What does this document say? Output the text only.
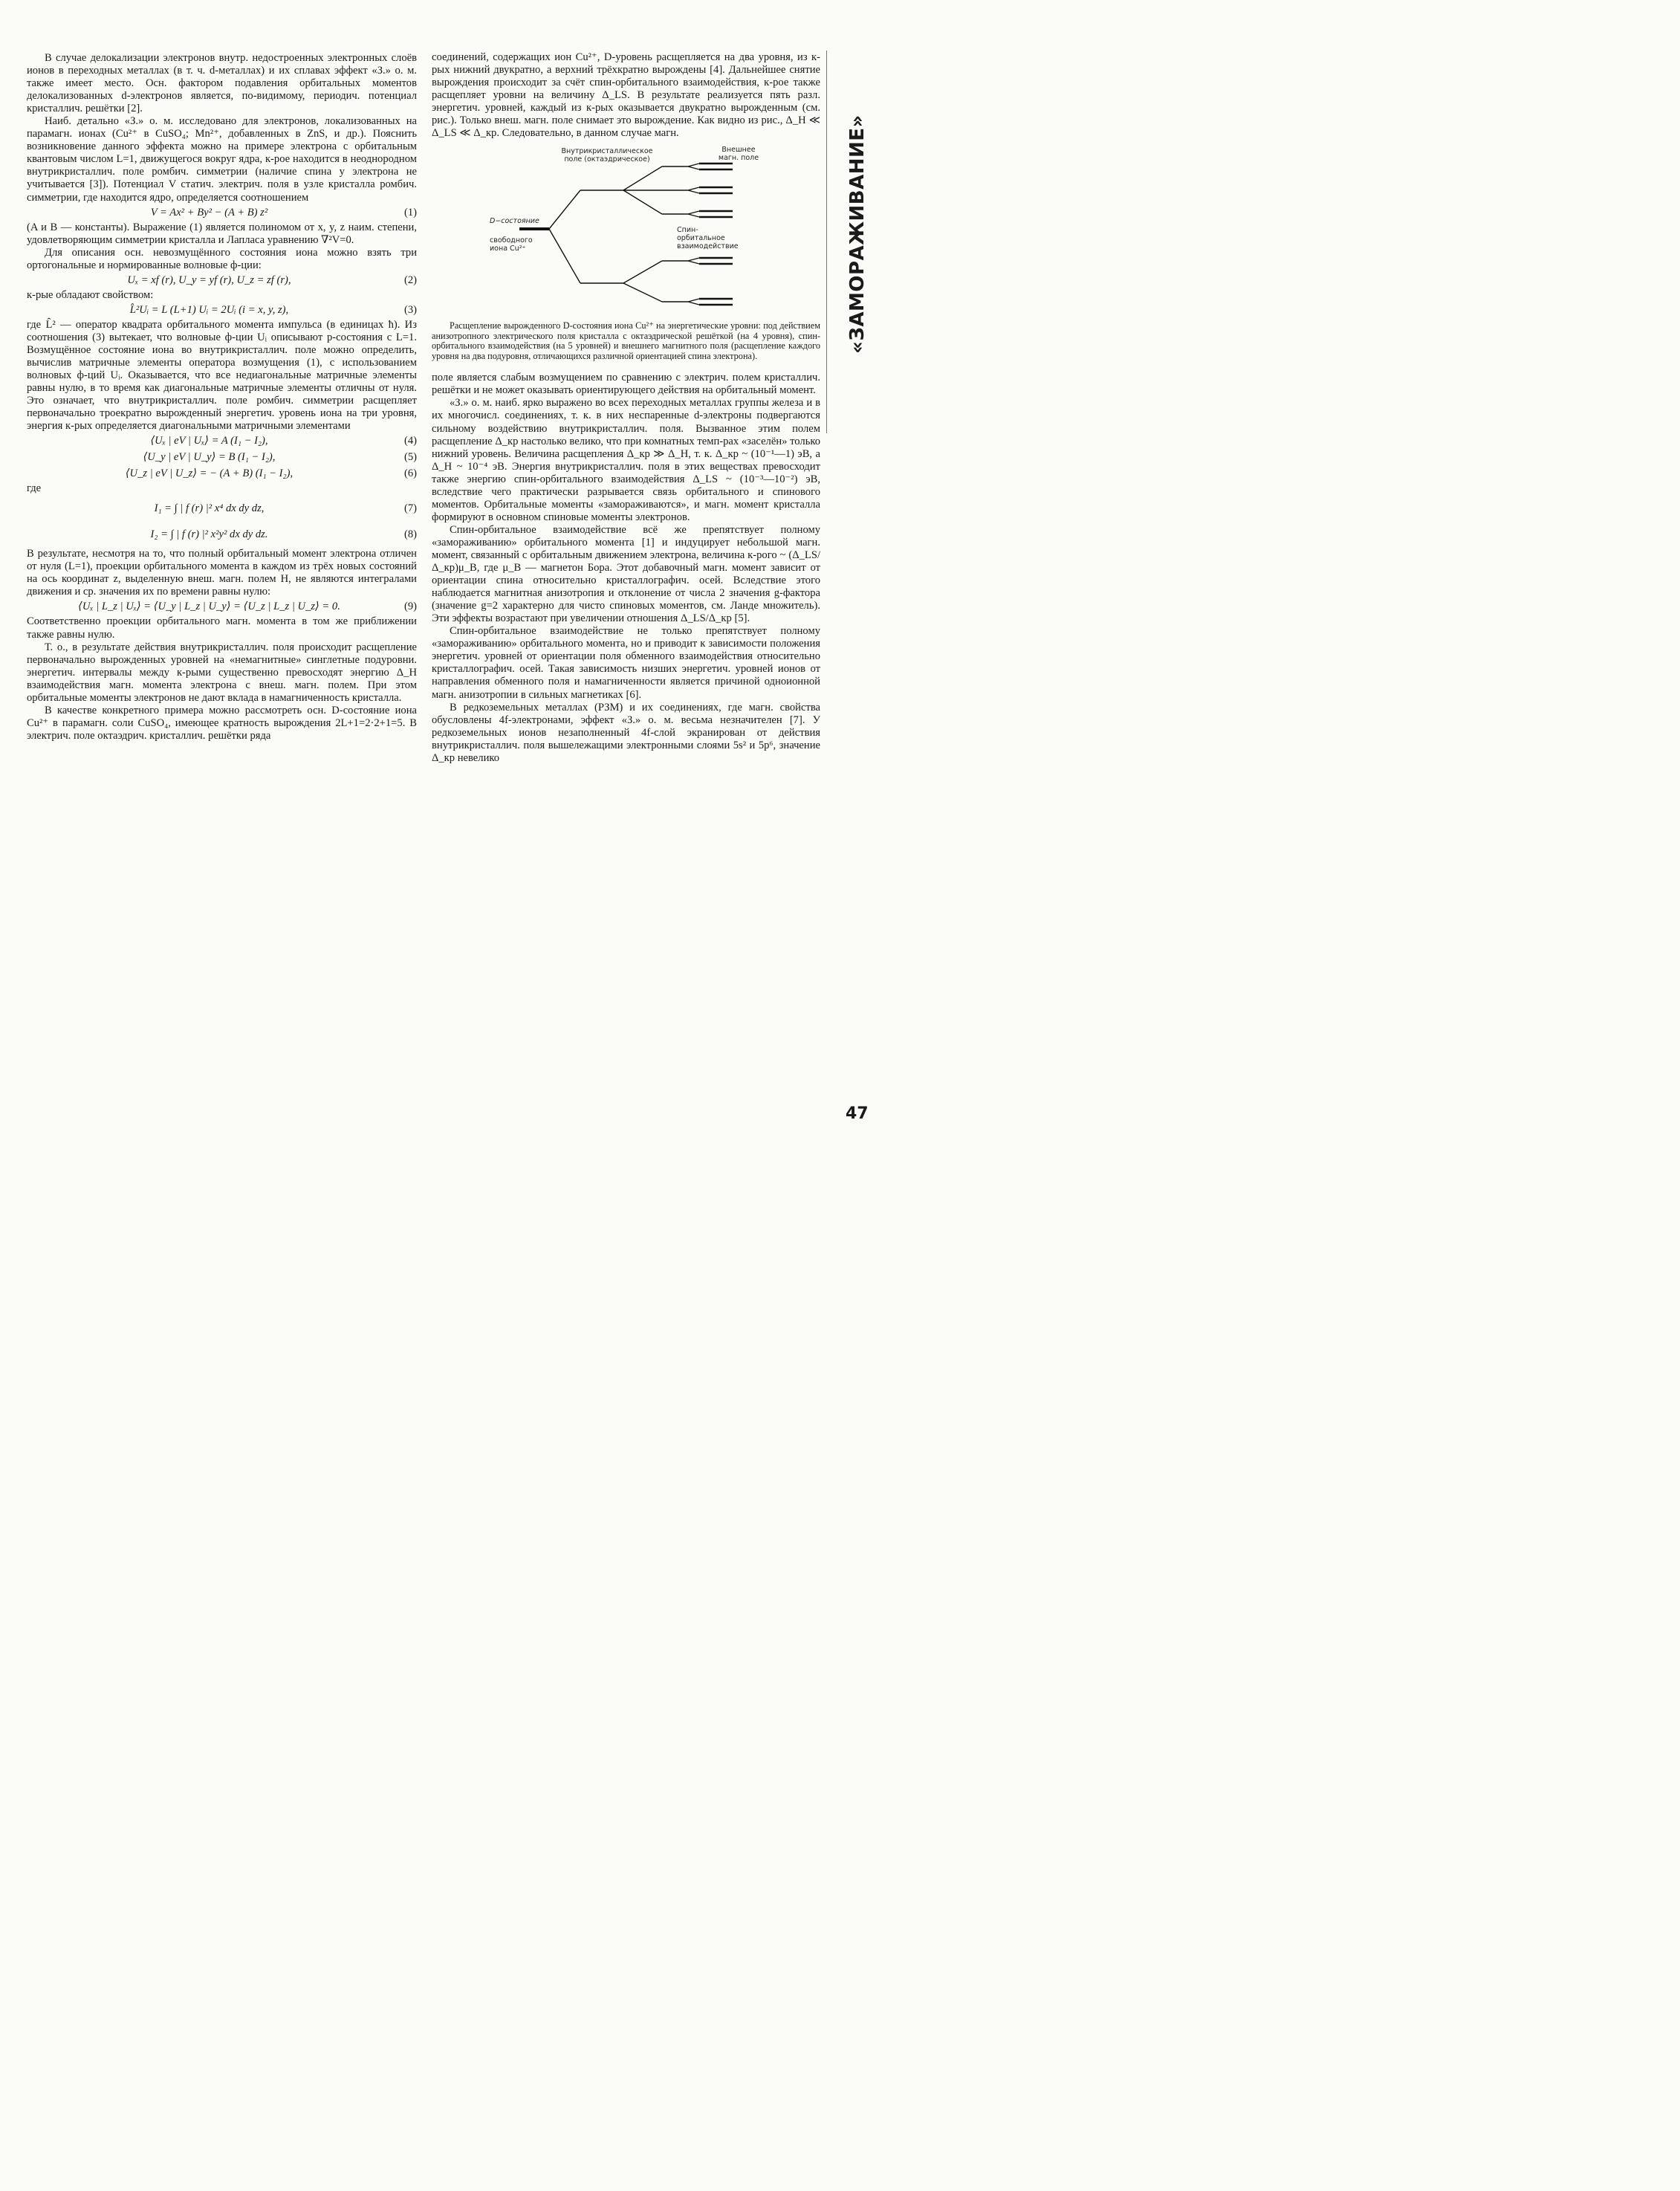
«ЗАМОРАЖИВАНИЕ»
47

В случае делокализации электронов внутр. недостроенных электронных слоёв ионов в переходных металлах (в т. ч. d-металлах) и их сплавах эффект «З.» о. м. также имеет место. Осн. фактором подавления орбитальных моментов делокализованных d-электронов является, по-видимому, периодич. потенциал кристаллич. решётки [2].

Наиб. детально «З.» о. м. исследовано для электронов, локализованных на парамагн. ионах (Cu²⁺ в CuSO₄; Mn²⁺, добавленных в ZnS, и др.). Пояснить возникновение данного эффекта можно на примере электрона с орбитальным квантовым числом L=1, движущегося вокруг ядра, к-рое находится в неоднородном внутрикристаллич. поле ромбич. симметрии (наличие спина у электрона не учитывается [3]). Потенциал V статич. электрич. поля в узле кристалла ромбич. симметрии, где находится ядро, определяется соотношением

V = Ax² + By² − (A + B) z²	(1)

(A и B — константы). Выражение (1) является полиномом от x, y, z наим. степени, удовлетворяющим симметрии кристалла и Лапласа уравнению ∇²V=0.

Для описания осн. невозмущённого состояния иона можно взять три ортогональные и нормированные волновые ф-ции:

Uₓ = xf (r), U_y = yf (r), U_z = zf (r),	(2)

к-рые обладают свойством:

L̂²Uᵢ = L (L+1) Uᵢ = 2Uᵢ (i = x, y, z),	(3)

где L̂² — оператор квадрата орбитального момента импульса (в единицах ħ). Из соотношения (3) вытекает, что волновые ф-ции Uᵢ описывают p-состояния с L=1. Возмущённое состояние иона во внутрикристаллич. поле можно определить, вычислив матричные элементы оператора возмущения (1), с использованием волновых ф-ций Uᵢ. Оказывается, что все недиагональные матричные элементы равны нулю, в то время как диагональные матричные элементы отличны от нуля. Это означает, что внутрикристаллич. поле ромбич. симметрии расщепляет первоначально троекратно вырожденный энергетич. уровень иона на три уровня, энергия к-рых определяется диагональными матричными элементами

⟨Uₓ | eV | Uₓ⟩ = A (I₁ − I₂),	(4)
⟨U_y | eV | U_y⟩ = B (I₁ − I₂),	(5)
⟨U_z | eV | U_z⟩ = − (A + B) (I₁ − I₂),	(6)

где

I₁ = ∫ | f (r) |² x⁴ dx dy dz,	(7)
I₂ = ∫ | f (r) |² x²y² dx dy dz.	(8)

В результате, несмотря на то, что полный орбитальный момент электрона отличен от нуля (L=1), проекции орбитального момента в каждом из трёх новых состояний на ось координат z, выделенную внеш. магн. полем H, не являются интегралами движения и ср. значения их по времени равны нулю:

⟨Uₓ | L_z | Uₓ⟩ = ⟨U_y | L_z | U_y⟩ = ⟨U_z | L_z | U_z⟩ = 0.	(9)

Соответственно проекции орбитального магн. момента в том же приближении также равны нулю.

Т. о., в результате действия внутрикристаллич. поля происходит расщепление первоначально вырожденных уровней на «немагнитные» синглетные подуровни. энергетич. интервалы между к-рыми существенно превосходят энергию Δ_H взаимодействия магн. момента электрона с внеш. магн. полем. При этом орбитальные моменты электронов не дают вклада в намагниченность кристалла.

В качестве конкретного примера можно рассмотреть осн. D-состояние иона Cu²⁺ в парамагн. соли CuSO₄, имеющее кратность вырождения 2L+1=2·2+1=5. В электрич. поле октаэдрич. кристаллич. решётки ряда

соединений, содержащих ион Cu²⁺, D-уровень расщепляется на два уровня, из к-рых нижний двукратно, а верхний трёхкратно вырождены [4]. Дальнейшее снятие вырождения происходит за счёт спин-орбитального взаимодействия, к-рое также расщепляет уровни на величину Δ_LS. В результате реализуется пять разл. энергетич. уровней, каждый из к-рых оказывается двукратно вырожденным (см. рис.). Только внеш. магн. поле снимает это вырождение. Как видно из рис., Δ_H ≪ Δ_LS ≪ Δ_кр. Следовательно, в данном случае магн.

Внутрикристаллическое поле (октаэдрическое)
Внешнее магн. поле
Спин-орбитальное взаимодействие
D−состояние
свободного иона Cu²⁺

Расщепление вырожденного D-состояния иона Cu²⁺ на энергетические уровни: под действием анизотропного электрического поля кристалла с октаэдрической решёткой (на 4 уровня), спин-орбитального взаимодействия (на 5 уровней) и внешнего магнитного поля (расщепление каждого уровня на два подуровня, отличающихся различной ориентацией спина электрона).

поле является слабым возмущением по сравнению с электрич. полем кристаллич. решётки и не может оказывать ориентирующего действия на орбитальный момент.

«З.» о. м. наиб. ярко выражено во всех переходных металлах группы железа и в их многочисл. соединениях, т. к. в них неспаренные d-электроны подвергаются сильному воздействию внутрикристаллич. поля. Вызванное этим полем расщепление Δ_кр настолько велико, что при комнатных темп-рах «заселён» только нижний уровень. Величина расщепления Δ_кр ≫ Δ_H, т. к. Δ_кр ~ (10⁻¹—1) эВ, а Δ_H ~ 10⁻⁴ эВ. Энергия внутрикристаллич. поля в этих веществах превосходит также энергию спин-орбитального взаимодействия Δ_LS ~ (10⁻³—10⁻²) эВ, вследствие чего практически разрывается связь орбитального и спинового моментов. Орбитальные моменты «замораживаются», и магн. момент кристалла формируют в основном спиновые моменты электронов.

Спин-орбитальное взаимодействие всё же препятствует полному «замораживанию» орбитального момента [1] и индуцирует небольшой магн. момент, связанный с орбитальным движением электрона, величина к-рого ~ (Δ_LS/Δ_кр)μ_B, где μ_B — магнетон Бора. Этот добавочный магн. момент зависит от ориентации спина относительно кристаллографич. осей. Вследствие этого наблюдается магнитная анизотропия и отклонение от числа 2 значения g-фактора (значение g=2 характерно для чисто спиновых моментов, см. Ланде множитель). Эти эффекты возрастают при увеличении отношения Δ_LS/Δ_кр [5].

Спин-орбитальное взаимодействие не только препятствует полному «замораживанию» орбитального момента, но и приводит к зависимости положения энергетич. уровней от ориентации поля обменного взаимодействия относительно кристаллографич. осей. Такая зависимость низших энергетич. уровней ионов от направления обменного поля и намагниченности является причиной одноионной магн. анизотропии в сильных магнетиках [6].

В редкоземельных металлах (РЗМ) и их соединениях, где магн. свойства обусловлены 4f-электронами, эффект «З.» о. м. весьма незначителен [7]. У редкоземельных ионов незаполненный 4f-слой экранирован от действия внутрикристаллич. поля вышележащими электронными слоями 5s² и 5p⁶, значение Δ_кр невелико
